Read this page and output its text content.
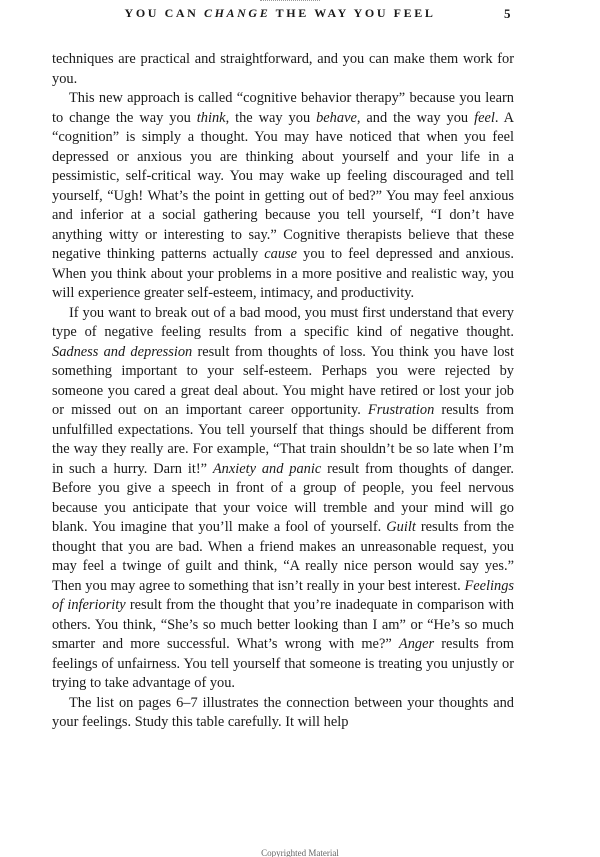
YOU CAN CHANGE THE WAY YOU FEEL	5

techniques are practical and straightforward, and you can make them work for you.

This new approach is called “cognitive behavior therapy” because you learn to change the way you think, the way you behave, and the way you feel. A “cognition” is simply a thought. You may have noticed that when you feel depressed or anxious you are thinking about yourself and your life in a pessimistic, self-critical way. You may wake up feeling discouraged and tell yourself, “Ugh! What’s the point in getting out of bed?” You may feel anxious and inferior at a social gathering because you tell yourself, “I don’t have anything witty or interesting to say.” Cognitive therapists believe that these negative thinking patterns actually cause you to feel depressed and anxious. When you think about your problems in a more positive and realistic way, you will experience greater self-esteem, intimacy, and productivity.

If you want to break out of a bad mood, you must first understand that every type of negative feeling results from a specific kind of negative thought. Sadness and depression result from thoughts of loss. You think you have lost something important to your self-esteem. Perhaps you were rejected by someone you cared a great deal about. You might have retired or lost your job or missed out on an important career opportunity. Frustration results from unfulfilled expectations. You tell yourself that things should be different from the way they really are. For example, “That train shouldn’t be so late when I’m in such a hurry. Darn it!” Anxiety and panic result from thoughts of danger. Before you give a speech in front of a group of people, you feel nervous because you anticipate that your voice will tremble and your mind will go blank. You imagine that you’ll make a fool of yourself. Guilt results from the thought that you are bad. When a friend makes an unreasonable request, you may feel a twinge of guilt and think, “A really nice person would say yes.” Then you may agree to something that isn’t really in your best interest. Feelings of inferiority result from the thought that you’re inadequate in comparison with others. You think, “She’s so much better looking than I am” or “He’s so much smarter and more successful. What’s wrong with me?” Anger results from feelings of unfairness. You tell yourself that someone is treating you unjustly or trying to take advantage of you.

The list on pages 6–7 illustrates the connection between your thoughts and your feelings. Study this table carefully. It will help

Copyrighted Material
